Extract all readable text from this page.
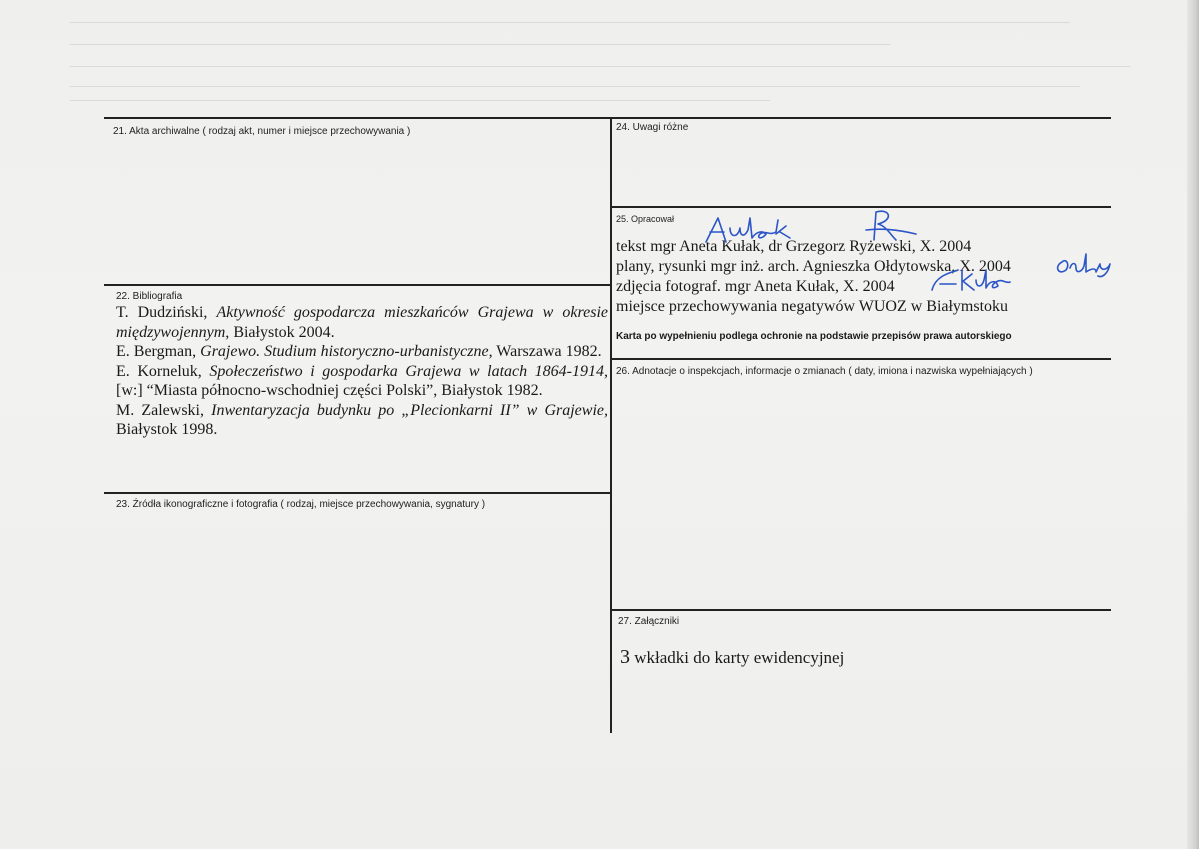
21. Akta archiwalne ( rodzaj akt, numer i miejsce przechowywania )
22. Bibliografia

T. Dudziński, Aktywność gospodarcza mieszkańców Grajewa w okresie międzywojennym, Białystok 2004.

E. Bergman, Grajewo. Studium historyczno-urbanistyczne, Warszawa 1982.

E. Korneluk, Społeczeństwo i gospodarka Grajewa w latach 1864-1914, [w:] “Miasta północno-wschodniej części Polski”, Białystok 1982.

M. Zalewski, Inwentaryzacja budynku po „Plecionkarni II” w Grajewie, Białystok 1998.

23. Źródła ikonograficzne i fotografia ( rodzaj, miejsce przechowywania, sygnatury )
24. Uwagi różne
25. Opracował
tekst mgr Aneta Kułak, dr Grzegorz Ryżewski, X. 2004
plany, rysunki mgr inż. arch. Agnieszka Ołdytowska, X. 2004
zdjęcia fotograf. mgr Aneta Kułak, X. 2004
miejsce przechowywania negatywów WUOZ w Białymstoku
Karta po wypełnieniu podlega ochronie na podstawie przepisów prawa autorskiego
26. Adnotacje o inspekcjach, informacje o zmianach ( daty, imiona i nazwiska wypełniających )
27. Załączniki
3 wkładki do karty ewidencyjnej
